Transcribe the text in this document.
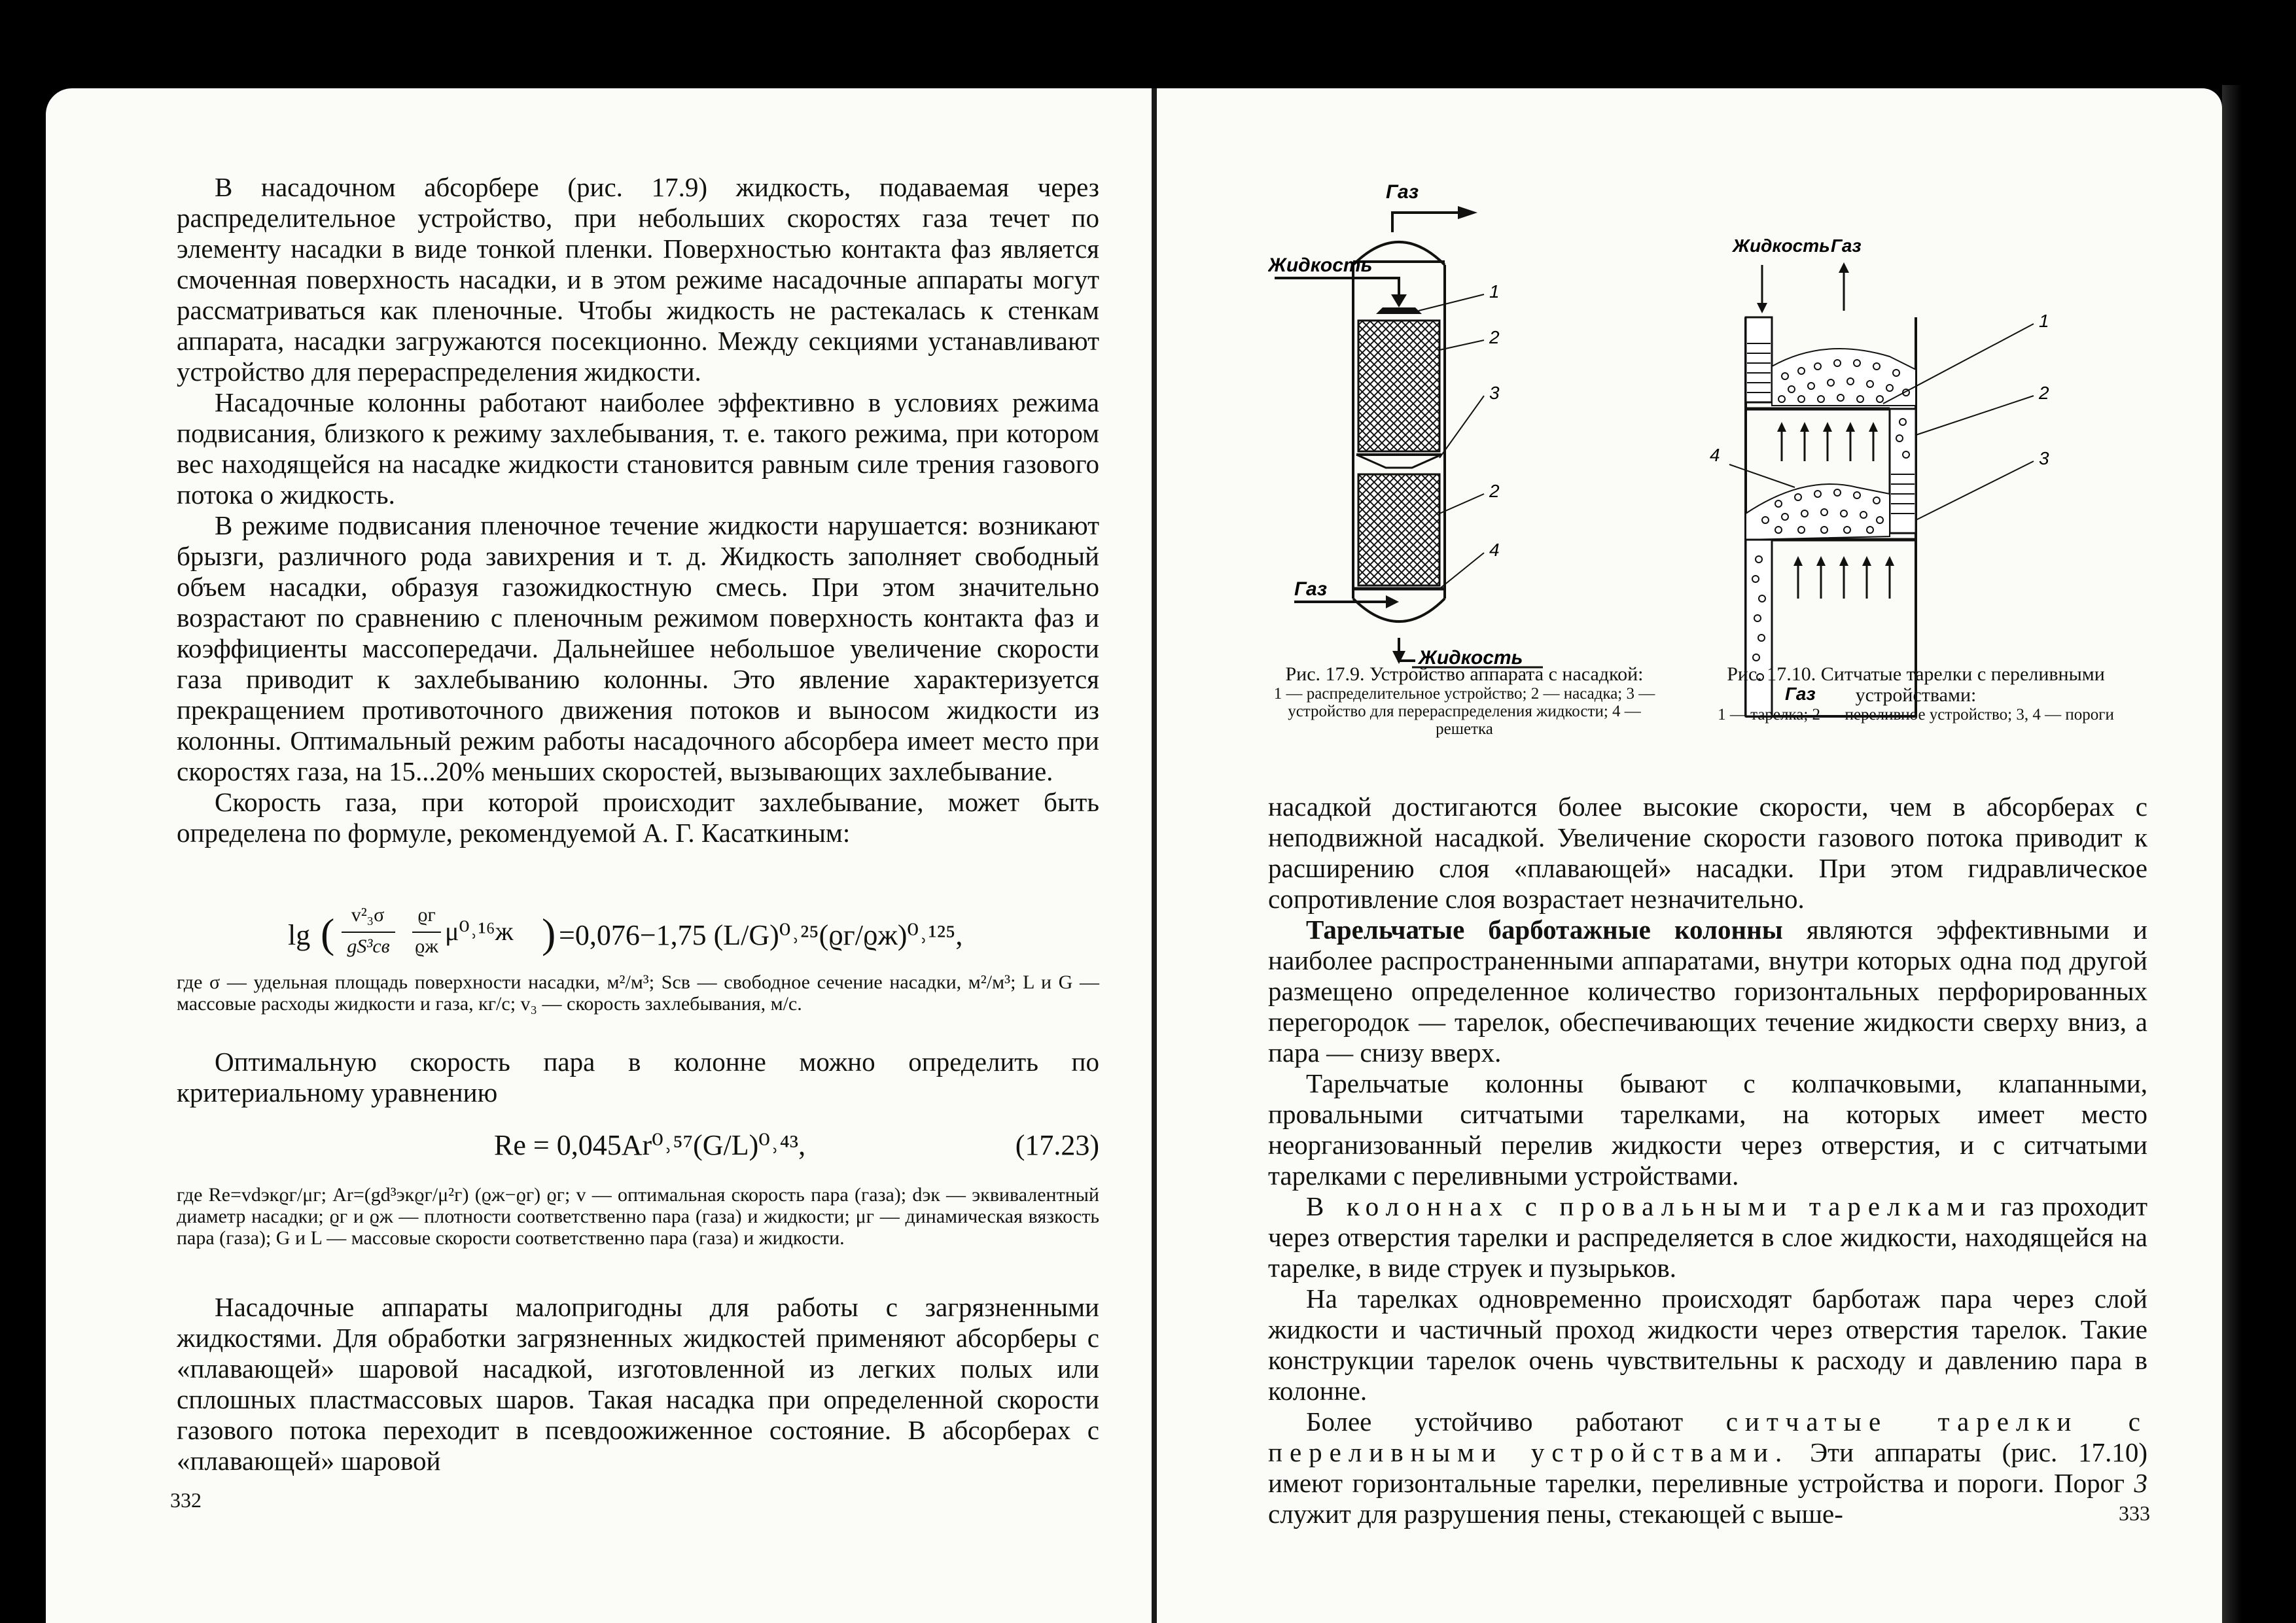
В насадочном абсорбере (рис. 17.9) жидкость, подаваемая через распределительное устройство, при небольших скоростях газа течет по элементу насадки в виде тонкой пленки. Поверхностью контакта фаз является смоченная поверхность насадки, и в этом режиме насадочные аппараты могут рассматриваться как пленочные. Чтобы жидкость не растекалась к стенкам аппарата, насадки загружаются посекционно. Между секциями устанавливают устройство для перераспределения жидкости.

Насадочные колонны работают наиболее эффективно в условиях режима подвисания, близкого к режиму захлебывания, т. е. такого режима, при котором вес находящейся на насадке жидкости становится равным силе трения газового потока о жидкость.

В режиме подвисания пленочное течение жидкости нарушается: возникают брызги, различного рода завихрения и т. д. Жидкость заполняет свободный объем насадки, образуя газожидкостную смесь. При этом значительно возрастают по сравнению с пленочным режимом поверхность контакта фаз и коэффициенты массопередачи. Дальнейшее небольшое увеличение скорости газа приводит к захлебыванию колонны. Это явление характеризуется прекращением противоточного движения потоков и выносом жидкости из колонны. Оптимальный режим работы насадочного абсорбера имеет место при скоростях газа, на 15...20% меньших скоростей, вызывающих захлебывание.

Скорость газа, при которой происходит захлебывание, может быть определена по формуле, рекомендуемой А. Г. Касаткиным:

lg ( v²₃σ
gS³св
ϱг
ϱж
μ⁰˒¹⁶ж ) =0,076−1,75 (L/G)⁰˒²⁵(ϱг/ϱж)⁰˒¹²⁵,

где σ — удельная площадь поверхности насадки, м²/м³; Sсв — свободное сечение насадки, м²/м³; L и G — массовые расходы жидкости и газа, кг/с; v₃ — скорость захлебывания, м/с.

Оптимальную скорость пара в колонне можно определить по критериальному уравнению

Re = 0,045Ar⁰˒⁵⁷(G/L)⁰˒⁴³,	(17.23)

где Re=vdэкϱг/μг; Ar=(gd³экϱг/μ²г) (ϱж−ϱг) ϱг; v — оптимальная скорость пара (газа); dэк — эквивалентный диаметр насадки; ϱг и ϱж — плотности соответственно пара (газа) и жидкости; μг — динамическая вязкость пара (газа); G и L — массовые скорости соответственно пара (газа) и жидкости.

Насадочные аппараты малопригодны для работы с загрязненными жидкостями. Для обработки загрязненных жидкостей применяют абсорберы с «плавающей» шаровой насадкой, изготовленной из легких полых или сплошных пластмассовых шаров. Такая насадка при определенной скорости газового потока переходит в псевдоожиженное состояние. В абсорберах с «плавающей» шаровой

332
Газ
Жидкость
Газ
Жидкость
1
2
3
2
4
Жидкость Газ
Газ
1
2
3
4
Рис. 17.9. Устройство аппарата с насадкой:
1 — распределительное устройство; 2 — насадка; 3 — устройство для перераспределения жидкости; 4 — решетка
Рис. 17.10. Ситчатые тарелки с переливными устройствами:
1 — тарелка; 2 — переливное устройство; 3, 4 — пороги

насадкой достигаются более высокие скорости, чем в абсорберах с неподвижной насадкой. Увеличение скорости газового потока приводит к расширению слоя «плавающей» насадки. При этом гидравлическое сопротивление слоя возрастает незначительно.

Тарельчатые барботажные колонны являются эффективными и наиболее распространенными аппаратами, внутри которых одна под другой размещено определенное количество горизонтальных перфорированных перегородок — тарелок, обеспечивающих течение жидкости сверху вниз, а пара — снизу вверх.

Тарельчатые колонны бывают с колпачковыми, клапанными, провальными ситчатыми тарелками, на которых имеет место неорганизованный перелив жидкости через отверстия, и с ситчатыми тарелками с переливными устройствами.

В колоннах с провальными тарелками газ проходит через отверстия тарелки и распределяется в слое жидкости, находящейся на тарелке, в виде струек и пузырьков.

На тарелках одновременно происходят барботаж пара через слой жидкости и частичный проход жидкости через отверстия тарелок. Такие конструкции тарелок очень чувствительны к расходу и давлению пара в колонне.

Более устойчиво работают ситчатые тарелки с переливными устройствами. Эти аппараты (рис. 17.10) имеют горизонтальные тарелки, переливные устройства и пороги. Порог 3 служит для разрушения пены, стекающей с выше-	333
